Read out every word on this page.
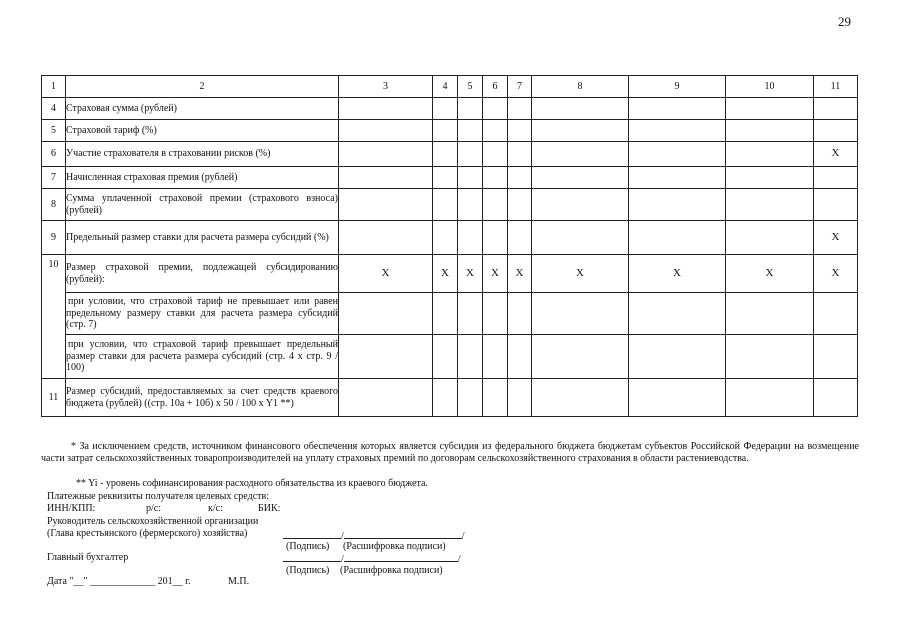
29
1	2	3	4	5	6	7	8	9	10	11
4	Страховая сумма (рублей)									
5	Страховой тариф (%)									
6	Участие страхователя в страховании рисков (%)									X
7	Начисленная страховая премия (рублей)									
8	Сумма уплаченной страховой премии (страхового взноса) (рублей)									
9	Предельный размер ставки для расчета размера субсидий (%)									X
10	Размер страховой премии, подлежащей субсидированию (рублей):	X	X	X	X	X	X	X	X	X
	при условии, что страховой тариф не превышает или равен предельному размеру ставки для расчета размера субсидий (стр. 7)									
	при условии, что страховой тариф превышает предельный размер ставки для расчета размера субсидий (стр. 4 x стр. 9 / 100)									
11	Размер субсидий, предоставляемых за счет средств краевого бюджета (рублей) ((стр. 10а + 10б) x 50 / 100 x Y1 **)									
* За исключением средств, источником финансового обеспечения которых является субсидия из федерального бюджета бюджетам субъектов Российской Федерации на возмещение части затрат сельскохозяйственных товаропроизводителей на уплату страховых премий по договорам сельскохозяйственного страхования в области растениеводства.
** Yi - уровень софинансирования расходного обязательства из краевого бюджета.
Платежные реквизиты получателя целевых средств:
ИНН/КПП:	р/с:	к/с:	БИК:
Руководитель сельскохозяйственной организации
(Глава крестьянского (фермерского) хозяйства)	/	/
(Подпись) (Расшифровка подписи)
Главный бухгалтер	/	/
(Подпись) (Расшифровка подписи)
Дата "__" _____________ 201__ г.	М.П.
